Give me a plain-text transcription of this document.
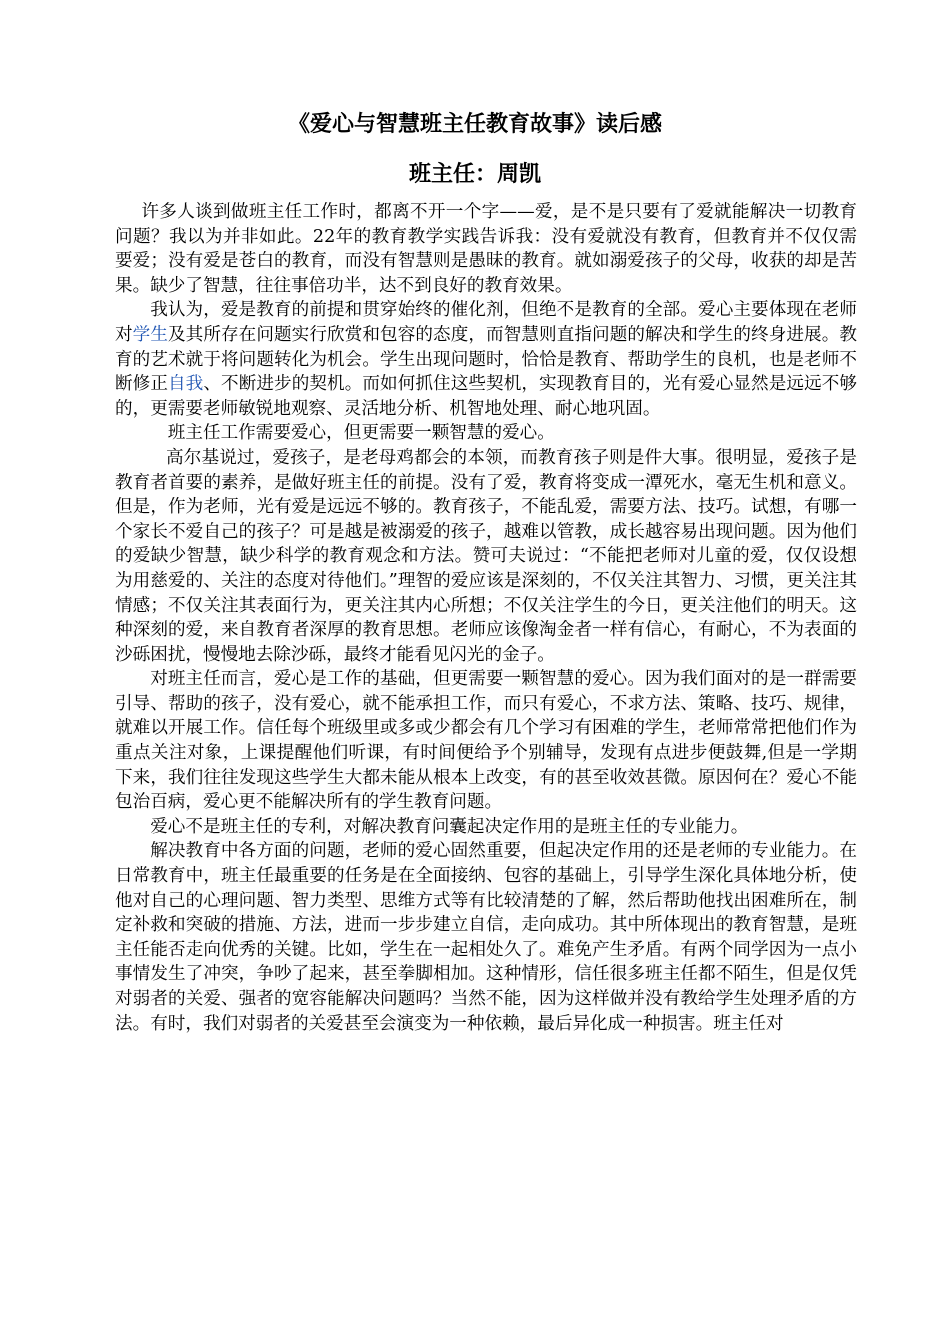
《爱心与智慧班主任教育故事》读后感
班主任：周凯

许多人谈到做班主任工作时，都离不开一个字——爱，是不是只要有了爱就能解决一切教育问题？我以为并非如此。22年的教育教学实践告诉我：没有爱就没有教育，但教育并不仅仅需要爱；没有爱是苍白的教育，而没有智慧则是愚昧的教育。就如溺爱孩子的父母，收获的却是苦果。缺少了智慧，往往事倍功半，达不到良好的教育效果。

我认为，爱是教育的前提和贯穿始终的催化剂，但绝不是教育的全部。爱心主要体现在老师对学生及其所存在问题实行欣赏和包容的态度，而智慧则直指问题的解决和学生的终身进展。教育的艺术就于将问题转化为机会。学生出现问题时，恰恰是教育、帮助学生的良机，也是老师不断修正自我、不断进步的契机。而如何抓住这些契机，实现教育目的，光有爱心显然是远远不够的，更需要老师敏锐地观察、灵活地分析、机智地处理、耐心地巩固。

班主任工作需要爱心，但更需要一颗智慧的爱心。

高尔基说过，爱孩子，是老母鸡都会的本领，而教育孩子则是件大事。很明显，爱孩子是教育者首要的素养，是做好班主任的前提。没有了爱，教育将变成一潭死水，毫无生机和意义。但是，作为老师，光有爱是远远不够的。教育孩子，不能乱爱，需要方法、技巧。试想，有哪一个家长不爱自己的孩子？可是越是被溺爱的孩子，越难以管教，成长越容易出现问题。因为他们的爱缺少智慧，缺少科学的教育观念和方法。赞可夫说过：“不能把老师对儿童的爱，仅仅设想为用慈爱的、关注的态度对待他们。”理智的爱应该是深刻的，不仅关注其智力、习惯，更关注其情感；不仅关注其表面行为，更关注其内心所想；不仅关注学生的今日，更关注他们的明天。这种深刻的爱，来自教育者深厚的教育思想。老师应该像淘金者一样有信心，有耐心，不为表面的沙砾困扰，慢慢地去除沙砾，最终才能看见闪光的金子。

对班主任而言，爱心是工作的基础，但更需要一颗智慧的爱心。因为我们面对的是一群需要引导、帮助的孩子，没有爱心，就不能承担工作，而只有爱心，不求方法、策略、技巧、规律，就难以开展工作。信任每个班级里或多或少都会有几个学习有困难的学生，老师常常把他们作为重点关注对象，上课提醒他们听课，有时间便给予个别辅导，发现有点进步便鼓舞,但是一学期下来，我们往往发现这些学生大都未能从根本上改变，有的甚至收效甚微。原因何在？爱心不能包治百病，爱心更不能解决所有的学生教育问题。

爱心不是班主任的专利，对解决教育问囊起决定作用的是班主任的专业能力。

解决教育中各方面的问题，老师的爱心固然重要，但起决定作用的还是老师的专业能力。在日常教育中，班主任最重要的任务是在全面接纳、包容的基础上，引导学生深化具体地分析，使他对自己的心理问题、智力类型、思维方式等有比较清楚的了解，然后帮助他找出困难所在，制定补救和突破的措施、方法，进而一步步建立自信，走向成功。其中所体现出的教育智慧，是班主任能否走向优秀的关键。比如，学生在一起相处久了。难免产生矛盾。有两个同学因为一点小事情发生了冲突，争吵了起来，甚至拳脚相加。这种情形，信任很多班主任都不陌生，但是仅凭对弱者的关爱、强者的宽容能解决问题吗？当然不能，因为这样做并没有教给学生处理矛盾的方法。有时，我们对弱者的关爱甚至会演变为一种依赖，最后异化成一种损害。班主任对
